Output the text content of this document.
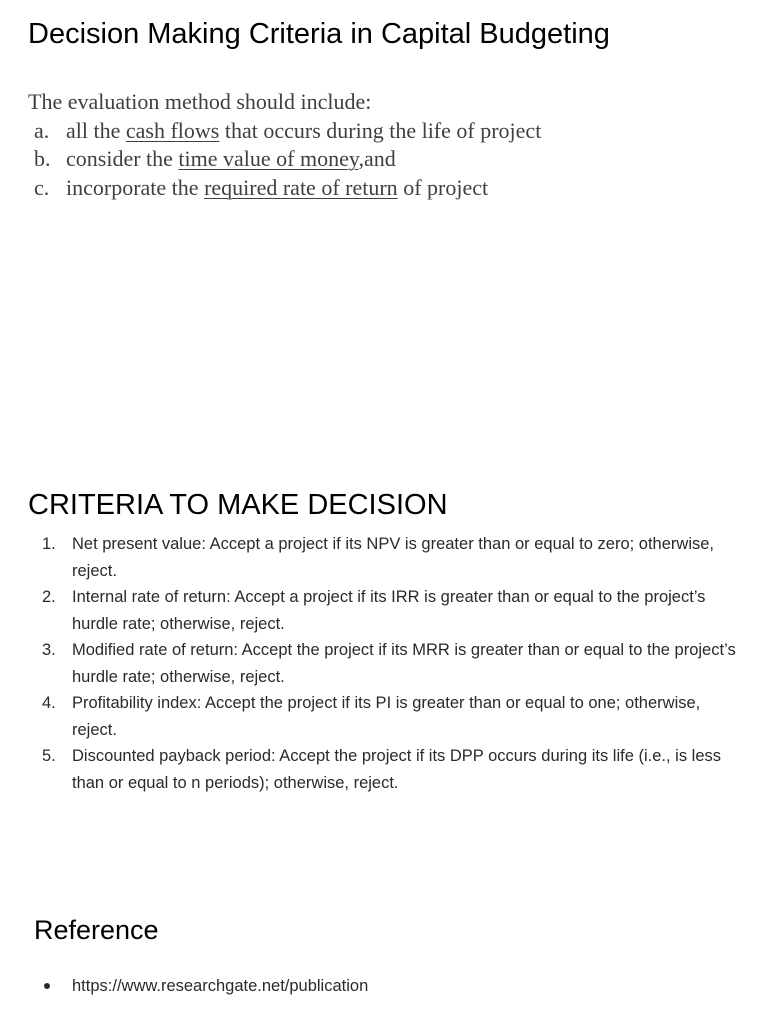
Decision Making Criteria in Capital Budgeting
The evaluation method should include:
a. all the cash flows that occurs during the life of project
b. consider the time value of money,and
c. incorporate the required rate of return of project
CRITERIA TO MAKE DECISION
1. Net present value: Accept a project if its NPV is greater than or equal to zero; otherwise, reject.
2. Internal rate of return: Accept a project if its IRR is greater than or equal to the project’s hurdle rate; otherwise, reject.
3. Modified rate of return: Accept the project if its MRR is greater than or equal to the project’s hurdle rate; otherwise, reject.
4. Profitability index: Accept the project if its PI is greater than or equal to one; otherwise, reject.
5. Discounted payback period: Accept the project if its DPP occurs during its life (i.e., is less than or equal to n periods); otherwise, reject.
Reference
https://www.researchgate.net/publication
